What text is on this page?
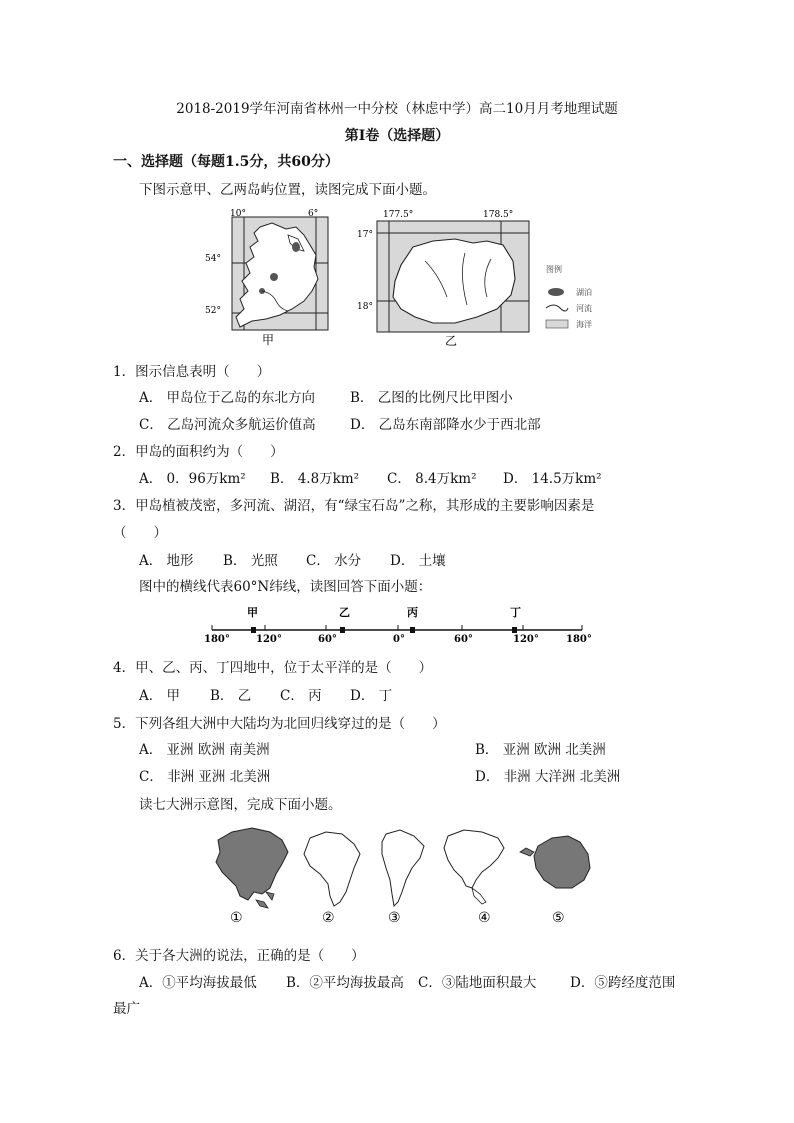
2018-2019学年河南省林州一中分校（林虑中学）高二10月月考地理试题
第Ⅰ卷（选择题）
一、选择题（每题1.5分，共60分）
下图示意甲、乙两岛屿位置，读图完成下面小题。
10°	6°
54°
52°
甲
177.5°	178.5°
17°
18°
乙
图例
湖泊
河流
海洋
1．图示信息表明（　　）
A． 甲岛位于乙岛的东北方向	B． 乙图的比例尺比甲图小
C． 乙岛河流众多航运价值高	D． 乙岛东南部降水少于西北部
2．甲岛的面积约为（　　）
A． 0．96万km² B． 4.8万km² C． 8.4万km² D． 14.5万km²
3．甲岛植被茂密，多河流、湖沼，有“绿宝石岛”之称，其形成的主要影响因素是
（　　）
A． 地形 B． 光照 C． 水分 D． 土壤
图中的横线代表60°N纬线，读图回答下面小题：
甲	乙	丙	丁
180°	120°	60°	0°	60°	120°	180°
4．甲、乙、丙、丁四地中，位于太平洋的是（　　）
A． 甲 B． 乙 C． 丙 D． 丁
5．下列各组大洲中大陆均为北回归线穿过的是（　　）
A． 亚洲 欧洲 南美洲	B． 亚洲 欧洲 北美洲
C． 非洲 亚洲 北美洲	D． 非洲 大洋洲 北美洲
读七大洲示意图，完成下面小题。
①	②	③	④	⑤
6．关于各大洲的说法，正确的是（　　）
A．①平均海拔最低 B．②平均海拔最高 C．③陆地面积最大 D．⑤跨经度范围
最广
